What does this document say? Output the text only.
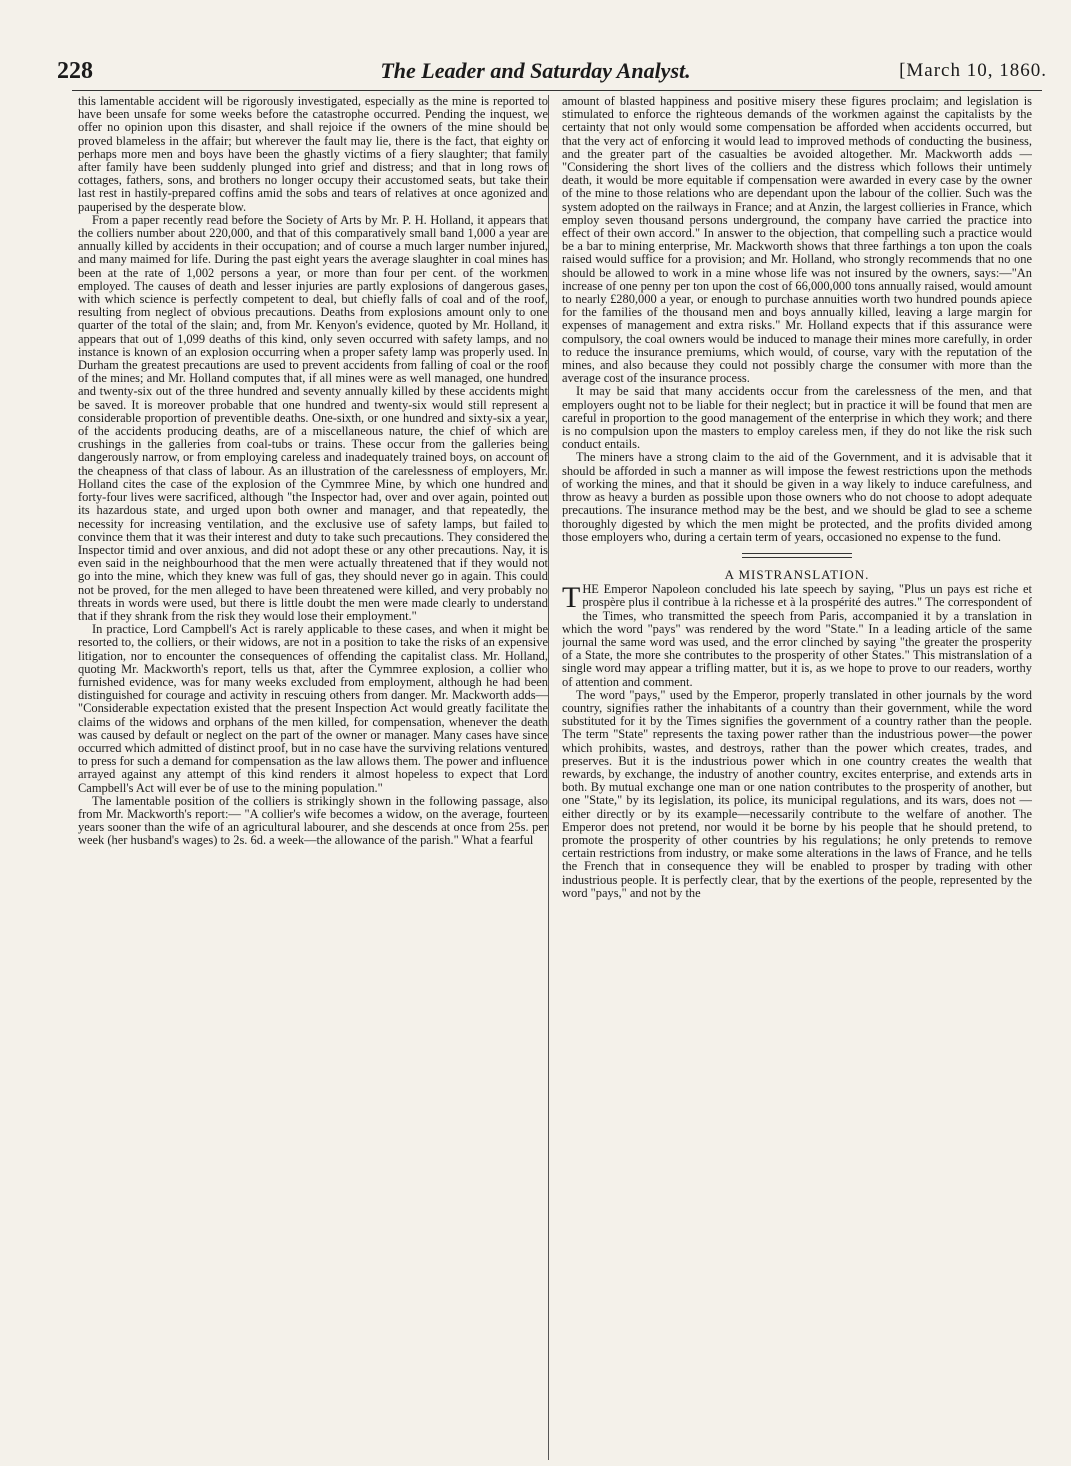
228	The Leader and Saturday Analyst.	[March 10, 1860.

this lamentable accident will be rigorously investigated, especially as the mine is reported to have been unsafe for some weeks before the catastrophe occurred. Pending the inquest, we offer no opinion upon this disaster, and shall rejoice if the owners of the mine should be proved blameless in the affair; but wherever the fault may lie, there is the fact, that eighty or perhaps more men and boys have been the ghastly victims of a fiery slaughter; that family after family have been suddenly plunged into grief and distress; and that in long rows of cottages, fathers, sons, and brothers no longer occupy their accustomed seats, but take their last rest in hastily-prepared coffins amid the sobs and tears of relatives at once agonized and pauperised by the desperate blow.

From a paper recently read before the Society of Arts by Mr. P. H. Holland, it appears that the colliers number about 220,000, and that of this comparatively small band 1,000 a year are annually killed by accidents in their occupation; and of course a much larger number injured, and many maimed for life. During the past eight years the average slaughter in coal mines has been at the rate of 1,002 persons a year, or more than four per cent. of the workmen employed. The causes of death and lesser injuries are partly explosions of dangerous gases, with which science is perfectly competent to deal, but chiefly falls of coal and of the roof, resulting from neglect of obvious precautions. Deaths from explosions amount only to one quarter of the total of the slain; and, from Mr. Kenyon's evidence, quoted by Mr. Holland, it appears that out of 1,099 deaths of this kind, only seven occurred with safety lamps, and no instance is known of an explosion occurring when a proper safety lamp was properly used. In Durham the greatest precautions are used to prevent accidents from falling of coal or the roof of the mines; and Mr. Holland computes that, if all mines were as well managed, one hundred and twenty-six out of the three hundred and seventy annually killed by these accidents might be saved. It is moreover probable that one hundred and twenty-six would still represent a considerable proportion of preventible deaths. One-sixth, or one hundred and sixty-six a year, of the accidents producing deaths, are of a miscellaneous nature, the chief of which are crushings in the galleries from coal-tubs or trains. These occur from the galleries being dangerously narrow, or from employing careless and inadequately trained boys, on account of the cheapness of that class of labour. As an illustration of the carelessness of employers, Mr. Holland cites the case of the explosion of the Cymmree Mine, by which one hundred and forty-four lives were sacrificed, although "the Inspector had, over and over again, pointed out its hazardous state, and urged upon both owner and manager, and that repeatedly, the necessity for increasing ventilation, and the exclusive use of safety lamps, but failed to convince them that it was their interest and duty to take such precautions. They considered the Inspector timid and over anxious, and did not adopt these or any other precautions. Nay, it is even said in the neighbourhood that the men were actually threatened that if they would not go into the mine, which they knew was full of gas, they should never go in again. This could not be proved, for the men alleged to have been threatened were killed, and very probably no threats in words were used, but there is little doubt the men were made clearly to understand that if they shrank from the risk they would lose their employment."

In practice, Lord Campbell's Act is rarely applicable to these cases, and when it might be resorted to, the colliers, or their widows, are not in a position to take the risks of an expensive litigation, nor to encounter the consequences of offending the capitalist class. Mr. Holland, quoting Mr. Mackworth's report, tells us that, after the Cymmree explosion, a collier who furnished evidence, was for many weeks excluded from employment, although he had been distinguished for courage and activity in rescuing others from danger. Mr. Mackworth adds— "Considerable expectation existed that the present Inspection Act would greatly facilitate the claims of the widows and orphans of the men killed, for compensation, whenever the death was caused by default or neglect on the part of the owner or manager. Many cases have since occurred which admitted of distinct proof, but in no case have the surviving relations ventured to press for such a demand for compensation as the law allows them. The power and influence arrayed against any attempt of this kind renders it almost hopeless to expect that Lord Campbell's Act will ever be of use to the mining population."

The lamentable position of the colliers is strikingly shown in the following passage, also from Mr. Mackworth's report:— "A collier's wife becomes a widow, on the average, fourteen years sooner than the wife of an agricultural labourer, and she descends at once from 25s. per week (her husband's wages) to 2s. 6d. a week—the allowance of the parish." What a fearful

amount of blasted happiness and positive misery these figures proclaim; and legislation is stimulated to enforce the righteous demands of the workmen against the capitalists by the certainty that not only would some compensation be afforded when accidents occurred, but that the very act of enforcing it would lead to improved methods of conducting the business, and the greater part of the casualties be avoided altogether. Mr. Mackworth adds — "Considering the short lives of the colliers and the distress which follows their untimely death, it would be more equitable if compensation were awarded in every case by the owner of the mine to those relations who are dependant upon the labour of the collier. Such was the system adopted on the railways in France; and at Anzin, the largest collieries in France, which employ seven thousand persons underground, the company have carried the practice into effect of their own accord." In answer to the objection, that compelling such a practice would be a bar to mining enterprise, Mr. Mackworth shows that three farthings a ton upon the coals raised would suffice for a provision; and Mr. Holland, who strongly recommends that no one should be allowed to work in a mine whose life was not insured by the owners, says:—"An increase of one penny per ton upon the cost of 66,000,000 tons annually raised, would amount to nearly £280,000 a year, or enough to purchase annuities worth two hundred pounds apiece for the families of the thousand men and boys annually killed, leaving a large margin for expenses of management and extra risks." Mr. Holland expects that if this assurance were compulsory, the coal owners would be induced to manage their mines more carefully, in order to reduce the insurance premiums, which would, of course, vary with the reputation of the mines, and also because they could not possibly charge the consumer with more than the average cost of the insurance process.

It may be said that many accidents occur from the carelessness of the men, and that employers ought not to be liable for their neglect; but in practice it will be found that men are careful in proportion to the good management of the enterprise in which they work; and there is no compulsion upon the masters to employ careless men, if they do not like the risk such conduct entails.

The miners have a strong claim to the aid of the Government, and it is advisable that it should be afforded in such a manner as will impose the fewest restrictions upon the methods of working the mines, and that it should be given in a way likely to induce carefulness, and throw as heavy a burden as possible upon those owners who do not choose to adopt adequate precautions. The insurance method may be the best, and we should be glad to see a scheme thoroughly digested by which the men might be protected, and the profits divided among those employers who, during a certain term of years, occasioned no expense to the fund.

A MISTRANSLATION.

THE Emperor Napoleon concluded his late speech by saying, "Plus un pays est riche et prospère plus il contribue à la richesse et à la prospérité des autres." The correspondent of the Times, who transmitted the speech from Paris, accompanied it by a translation in which the word "pays" was rendered by the word "State." In a leading article of the same journal the same word was used, and the error clinched by saying "the greater the prosperity of a State, the more she contributes to the prosperity of other States." This mistranslation of a single word may appear a trifling matter, but it is, as we hope to prove to our readers, worthy of attention and comment.

The word "pays," used by the Emperor, properly translated in other journals by the word country, signifies rather the inhabitants of a country than their government, while the word substituted for it by the Times signifies the government of a country rather than the people. The term "State" represents the taxing power rather than the industrious power—the power which prohibits, wastes, and destroys, rather than the power which creates, trades, and preserves. But it is the industrious power which in one country creates the wealth that rewards, by exchange, the industry of another country, excites enterprise, and extends arts in both. By mutual exchange one man or one nation contributes to the prosperity of another, but one "State," by its legislation, its police, its municipal regulations, and its wars, does not —either directly or by its example—necessarily contribute to the welfare of another. The Emperor does not pretend, nor would it be borne by his people that he should pretend, to promote the prosperity of other countries by his regulations; he only pretends to remove certain restrictions from industry, or make some alterations in the laws of France, and he tells the French that in consequence they will be enabled to prosper by trading with other industrious people. It is perfectly clear, that by the exertions of the people, represented by the word "pays," and not by the
